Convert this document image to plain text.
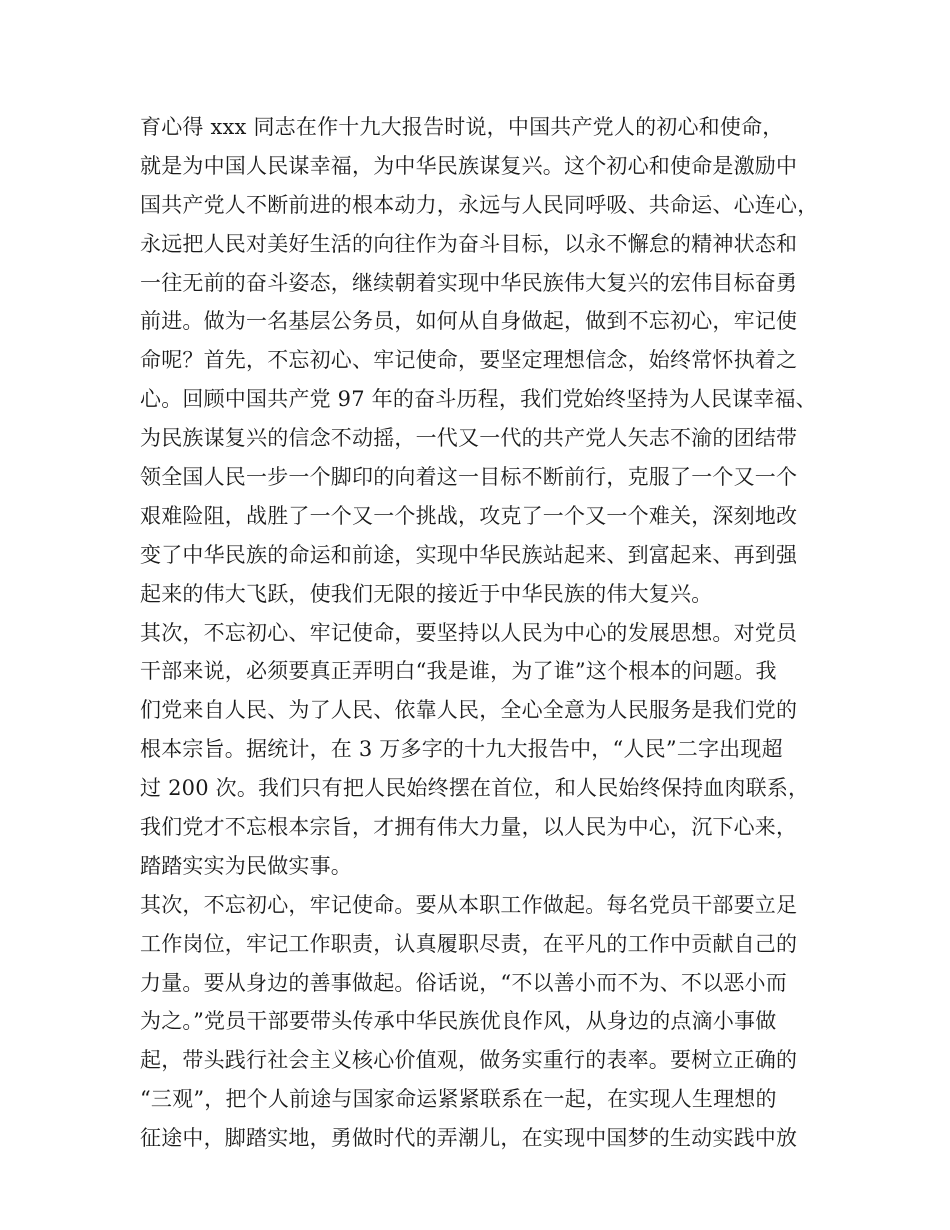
育心得 xxx 同志在作十九大报告时说，中国共产党人的初心和使命，
就是为中国人民谋幸福，为中华民族谋复兴。这个初心和使命是激励中
国共产党人不断前进的根本动力，永远与人民同呼吸、共命运、心连心，
永远把人民对美好生活的向往作为奋斗目标，以永不懈怠的精神状态和
一往无前的奋斗姿态，继续朝着实现中华民族伟大复兴的宏伟目标奋勇
前进。做为一名基层公务员，如何从自身做起，做到不忘初心，牢记使
命呢？首先，不忘初心、牢记使命，要坚定理想信念，始终常怀执着之
心。回顾中国共产党 97 年的奋斗历程，我们党始终坚持为人民谋幸福、
为民族谋复兴的信念不动摇，一代又一代的共产党人矢志不渝的团结带
领全国人民一步一个脚印的向着这一目标不断前行，克服了一个又一个
艰难险阻，战胜了一个又一个挑战，攻克了一个又一个难关，深刻地改
变了中华民族的命运和前途，实现中华民族站起来、到富起来、再到强
起来的伟大飞跃，使我们无限的接近于中华民族的伟大复兴。
其次，不忘初心、牢记使命，要坚持以人民为中心的发展思想。对党员
干部来说，必须要真正弄明白“我是谁，为了谁”这个根本的问题。我
们党来自人民、为了人民、依靠人民，全心全意为人民服务是我们党的
根本宗旨。据统计，在 3 万多字的十九大报告中，“人民”二字出现超
过 200 次。我们只有把人民始终摆在首位，和人民始终保持血肉联系，
我们党才不忘根本宗旨，才拥有伟大力量，以人民为中心，沉下心来，
踏踏实实为民做实事。
其次，不忘初心，牢记使命。要从本职工作做起。每名党员干部要立足
工作岗位，牢记工作职责，认真履职尽责，在平凡的工作中贡献自己的
力量。要从身边的善事做起。俗话说，“不以善小而不为、不以恶小而
为之。”党员干部要带头传承中华民族优良作风，从身边的点滴小事做
起，带头践行社会主义核心价值观，做务实重行的表率。要树立正确的
“三观”，把个人前途与国家命运紧紧联系在一起，在实现人生理想的
征途中，脚踏实地，勇做时代的弄潮儿，在实现中国梦的生动实践中放
